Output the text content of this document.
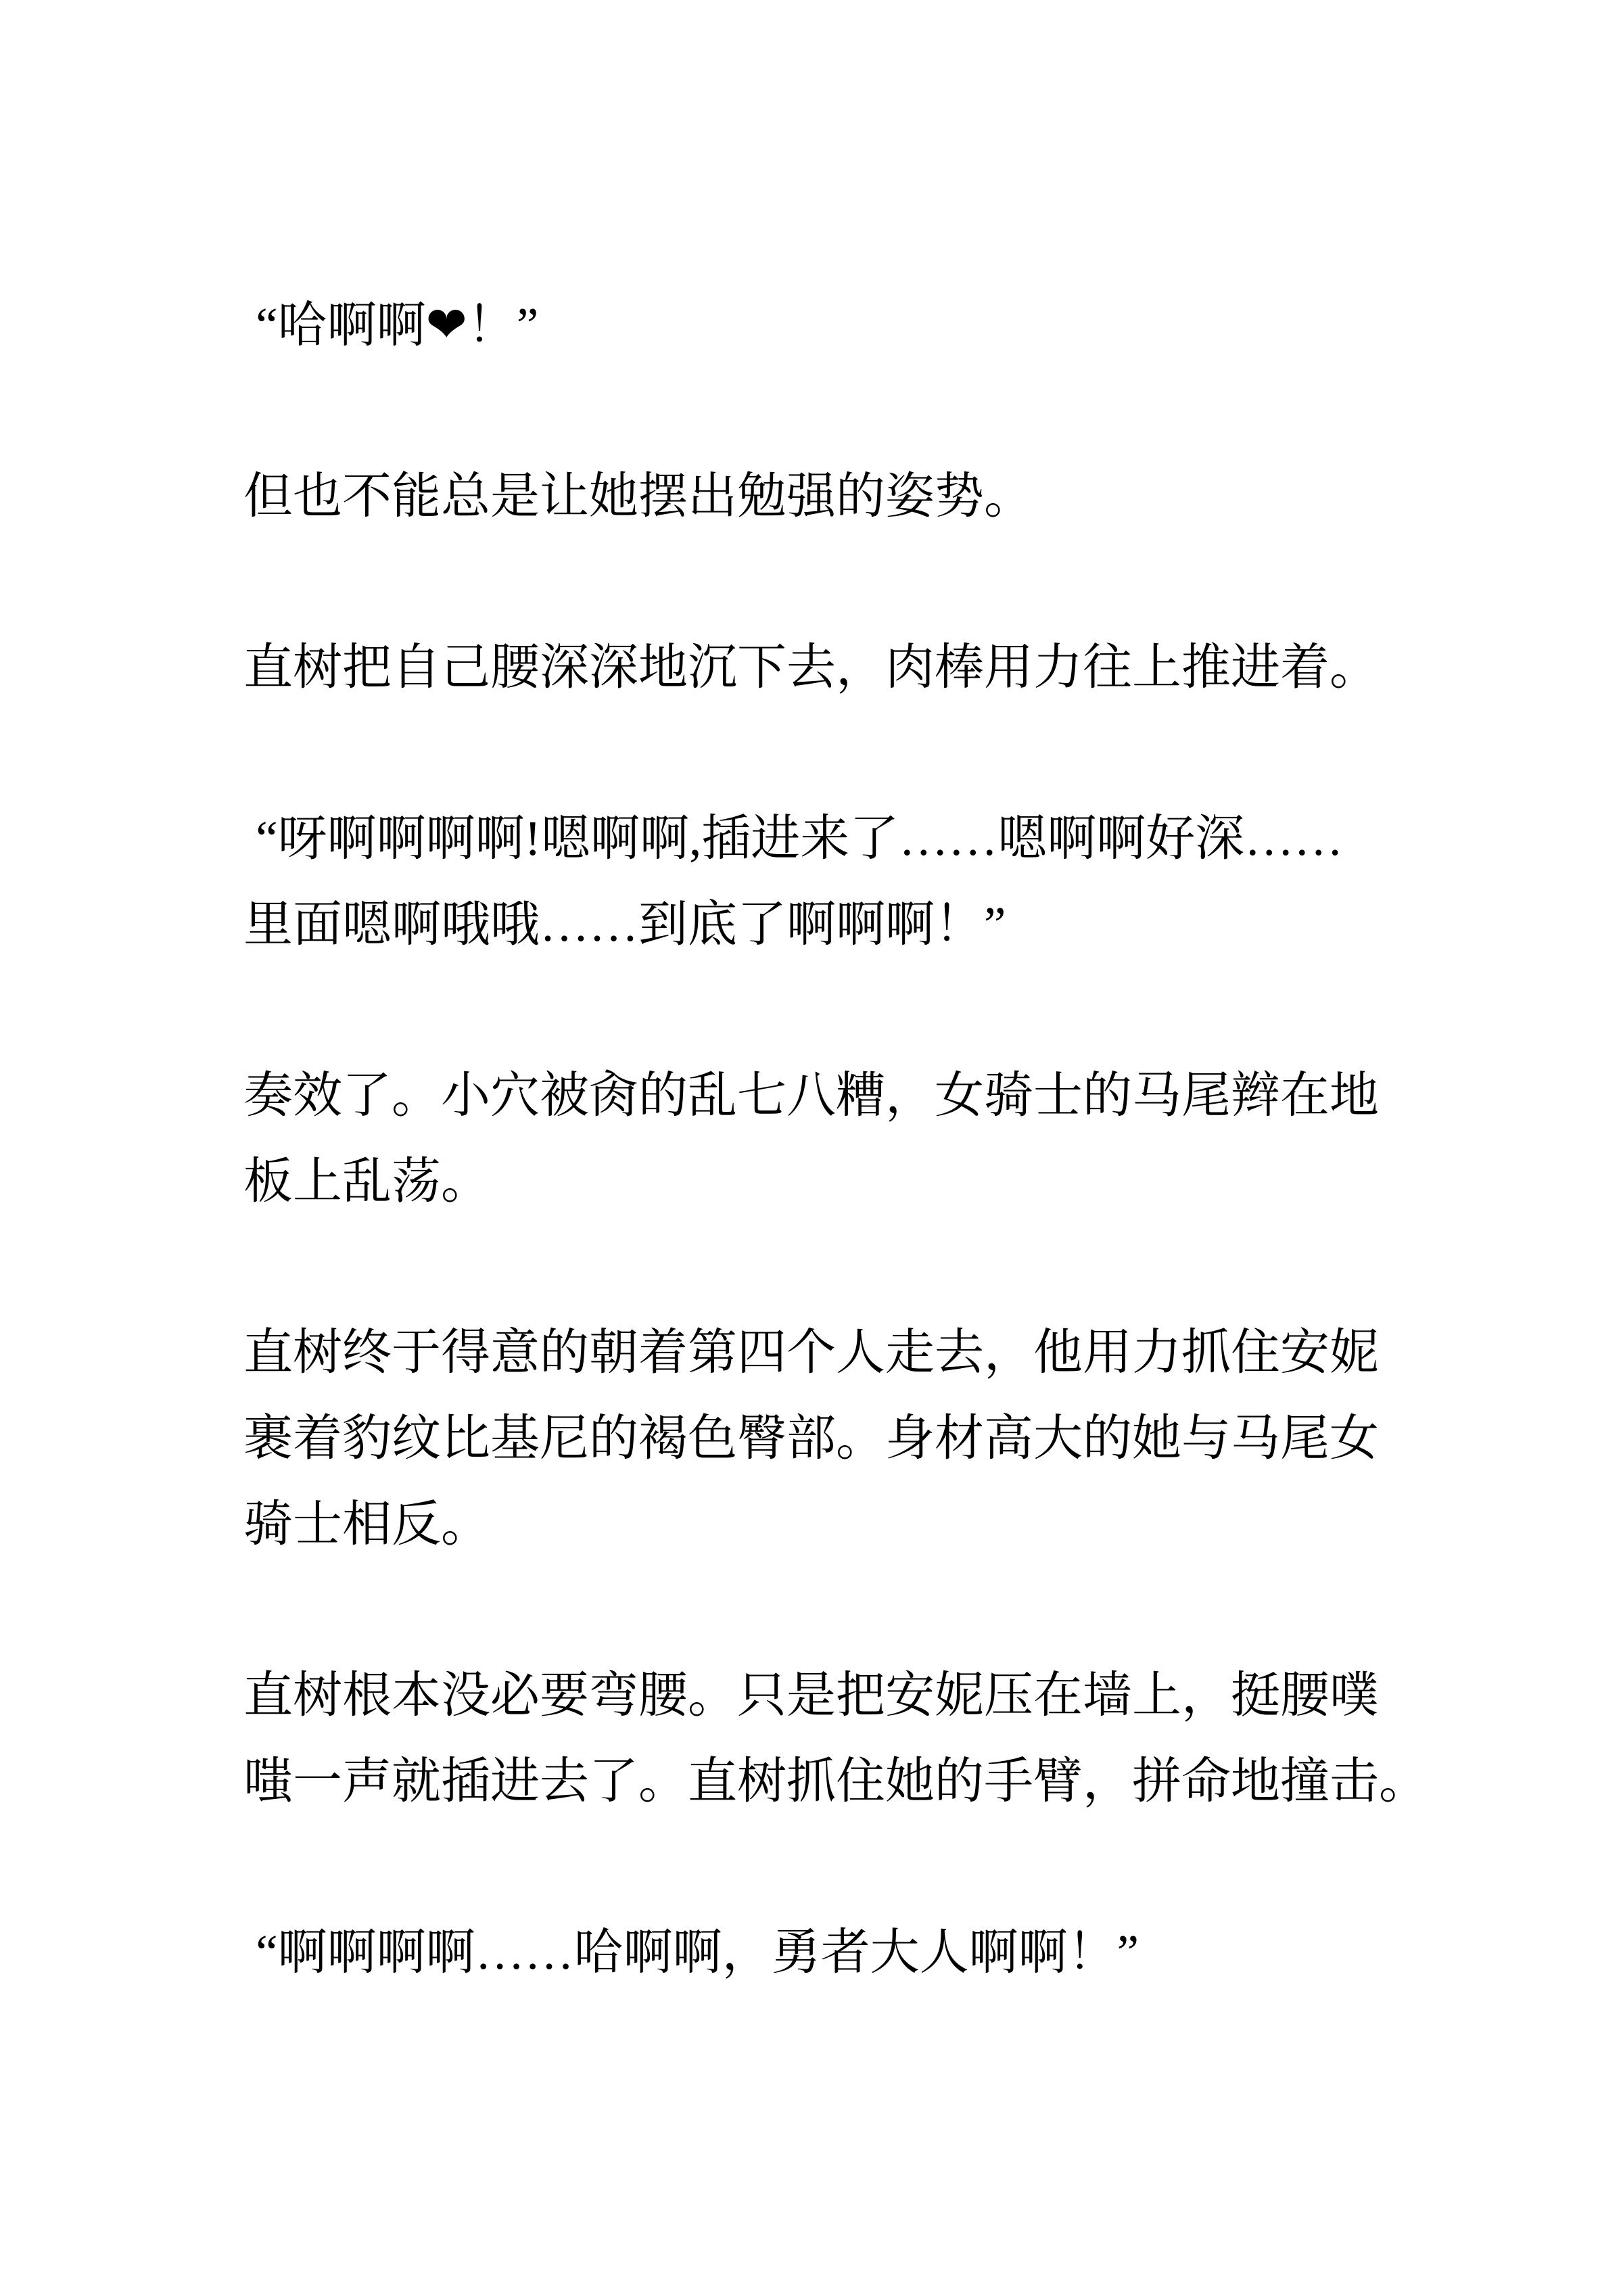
“哈啊啊❤！”

但也不能总是让她摆出勉强的姿势。

直树把自己腰深深地沉下去，肉棒用力往上推进着。

“呀啊啊啊啊!嗯啊啊,插进来了……嗯啊啊好深……
里面嗯啊哦哦……到底了啊啊啊！”

奏效了。小穴被肏的乱七八糟，女骑士的马尾辫在地
板上乱荡。

直树终于得意的朝着第四个人走去，他用力抓住安妮
裹着豹纹比基尼的褐色臀部。身材高大的她与马尾女
骑士相反。

直树根本没必要弯腰。只是把安妮压在墙上，挺腰噗
嗤一声就插进去了。直树抓住她的手臂，拼命地撞击。

“啊啊啊啊……哈啊啊，勇者大人啊啊！”
